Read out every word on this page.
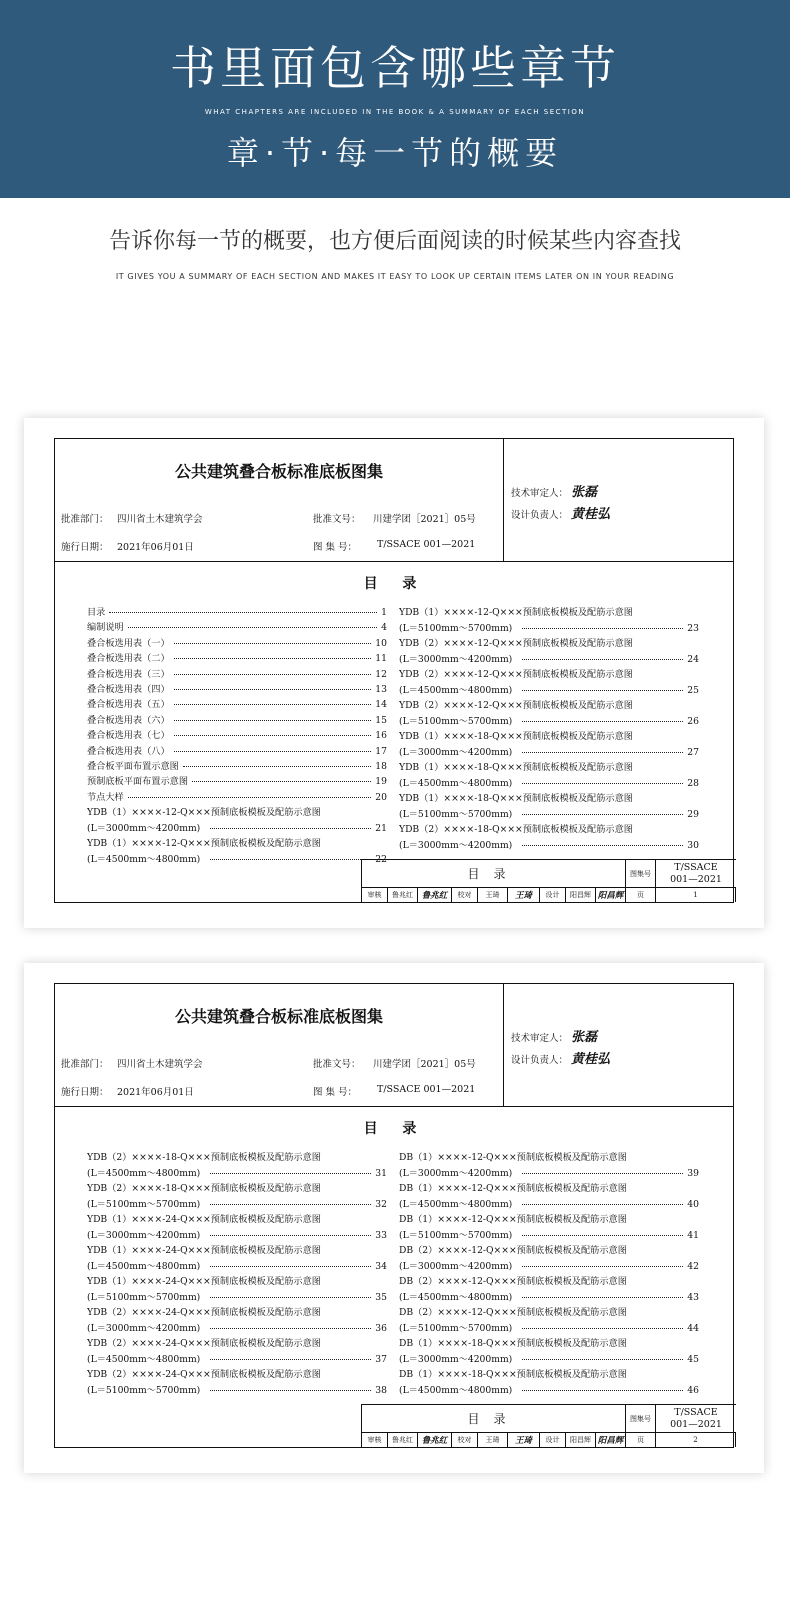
书里面包含哪些章节
WHAT CHAPTERS ARE INCLUDED IN THE BOOK & A SUMMARY OF EACH SECTION
章·节·每一节的概要
告诉你每一节的概要，也方便后面阅读的时候某些内容查找
IT GIVES YOU A SUMMARY OF EACH SECTION AND MAKES IT EASY TO LOOK UP CERTAIN ITEMS LATER ON IN YOUR READING
公共建筑叠合板标准底板图集
批准部门： 四川省土木建筑学会	批准文号： 川建学团［2021］05号
施行日期： 2021年06月01日	图 集 号： T/SSACE 001—2021
技术审定人： 张磊
设计负责人： 黄桂弘
目 录
目录	1
编制说明	4
叠合板选用表（一）	10
叠合板选用表（二）	11
叠合板选用表（三）	12
叠合板选用表（四）	13
叠合板选用表（五）	14
叠合板选用表（六）	15
叠合板选用表（七）	16
叠合板选用表（八）	17
叠合板平面布置示意图	18
预制底板平面布置示意图	19
节点大样	20
YDB（1）××××-12-Q×××预制底板模板及配筋示意图
(L＝3000mm～4200mm)	21
YDB（1）××××-12-Q×××预制底板模板及配筋示意图
(L＝4500mm～4800mm)	22
YDB（1）××××-12-Q×××预制底板模板及配筋示意图
(L＝5100mm～5700mm)	23
YDB（2）××××-12-Q×××预制底板模板及配筋示意图
(L＝3000mm～4200mm)	24
YDB（2）××××-12-Q×××预制底板模板及配筋示意图
(L＝4500mm～4800mm)	25
YDB（2）××××-12-Q×××预制底板模板及配筋示意图
(L＝5100mm～5700mm)	26
YDB（1）××××-18-Q×××预制底板模板及配筋示意图
(L＝3000mm～4200mm)	27
YDB（1）××××-18-Q×××预制底板模板及配筋示意图
(L＝4500mm～4800mm)	28
YDB（1）××××-18-Q×××预制底板模板及配筋示意图
(L＝5100mm～5700mm)	29
YDB（2）××××-18-Q×××预制底板模板及配筋示意图
(L＝3000mm～4200mm)	30
目录	图集号
T/SSACE
001—2021
审核	鲁兆红	鲁兆红	校对	王琦	王琦	设计	阳昌辉 阳昌辉	页	1
公共建筑叠合板标准底板图集
批准部门： 四川省土木建筑学会	批准文号： 川建学团［2021］05号
施行日期： 2021年06月01日	图 集 号： T/SSACE 001—2021
技术审定人： 张磊
设计负责人： 黄桂弘
目 录
YDB（2）××××-18-Q×××预制底板模板及配筋示意图
(L＝4500mm～4800mm)	31
YDB（2）××××-18-Q×××预制底板模板及配筋示意图
(L＝5100mm～5700mm)	32
YDB（1）××××-24-Q×××预制底板模板及配筋示意图
(L＝3000mm～4200mm)	33
YDB（1）××××-24-Q×××预制底板模板及配筋示意图
(L＝4500mm～4800mm)	34
YDB（1）××××-24-Q×××预制底板模板及配筋示意图
(L＝5100mm～5700mm)	35
YDB（2）××××-24-Q×××预制底板模板及配筋示意图
(L＝3000mm～4200mm)	36
YDB（2）××××-24-Q×××预制底板模板及配筋示意图
(L＝4500mm～4800mm)	37
YDB（2）××××-24-Q×××预制底板模板及配筋示意图
(L＝5100mm～5700mm)	38
DB（1）××××-12-Q×××预制底板模板及配筋示意图
(L＝3000mm～4200mm)	39
DB（1）××××-12-Q×××预制底板模板及配筋示意图
(L＝4500mm～4800mm)	40
DB（1）××××-12-Q×××预制底板模板及配筋示意图
(L＝5100mm～5700mm)	41
DB（2）××××-12-Q×××预制底板模板及配筋示意图
(L＝3000mm～4200mm)	42
DB（2）××××-12-Q×××预制底板模板及配筋示意图
(L＝4500mm～4800mm)	43
DB（2）××××-12-Q×××预制底板模板及配筋示意图
(L＝5100mm～5700mm)	44
DB（1）××××-18-Q×××预制底板模板及配筋示意图
(L＝3000mm～4200mm)	45
DB（1）××××-18-Q×××预制底板模板及配筋示意图
(L＝4500mm～4800mm)	46
目录	图集号
T/SSACE
001—2021
审核	鲁兆红	鲁兆红	校对	王琦	王琦	设计	阳昌辉 阳昌辉	页	2
